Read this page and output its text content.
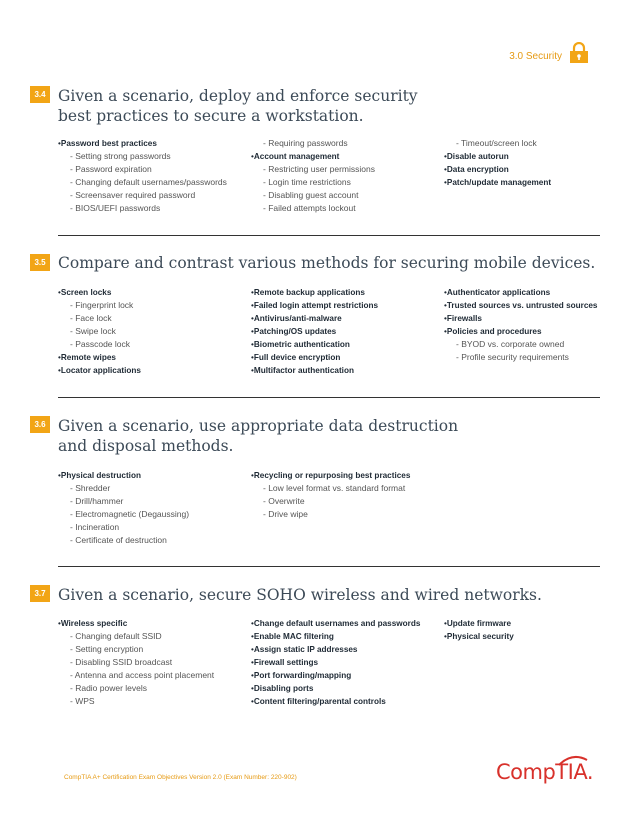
3.0 Security
3.4 Given a scenario, deploy and enforce security
best practices to secure a workstation.
• Password best practices
- Setting strong passwords
- Password expiration
- Changing default usernames/passwords
- Screensaver required password
- BIOS/UEFI passwords
- Requiring passwords
• Account management
- Restricting user permissions
- Login time restrictions
- Disabling guest account
- Failed attempts lockout
- Timeout/screen lock
• Disable autorun
• Data encryption
• Patch/update management
3.5 Compare and contrast various methods for securing mobile devices.
• Screen locks
- Fingerprint lock
- Face lock
- Swipe lock
- Passcode lock
• Remote wipes
• Locator applications
• Remote backup applications
• Failed login attempt restrictions
• Antivirus/anti-malware
• Patching/OS updates
• Biometric authentication
• Full device encryption
• Multifactor authentication
• Authenticator applications
• Trusted sources vs. untrusted sources
• Firewalls
• Policies and procedures
- BYOD vs. corporate owned
- Profile security requirements
3.6 Given a scenario, use appropriate data destruction
and disposal methods.
• Physical destruction
- Shredder
- Drill/hammer
- Electromagnetic (Degaussing)
- Incineration
- Certificate of destruction
• Recycling or repurposing best practices
- Low level format vs. standard format
- Overwrite
- Drive wipe
3.7 Given a scenario, secure SOHO wireless and wired networks.
• Wireless specific
- Changing default SSID
- Setting encryption
- Disabling SSID broadcast
- Antenna and access point placement
- Radio power levels
- WPS
• Change default usernames and passwords
• Enable MAC filtering
• Assign static IP addresses
• Firewall settings
• Port forwarding/mapping
• Disabling ports
• Content filtering/parental controls
• Update firmware
• Physical security
CompTIA A+ Certification Exam Objectives Version 2.0 (Exam Number: 220-902)	CompTIA.
